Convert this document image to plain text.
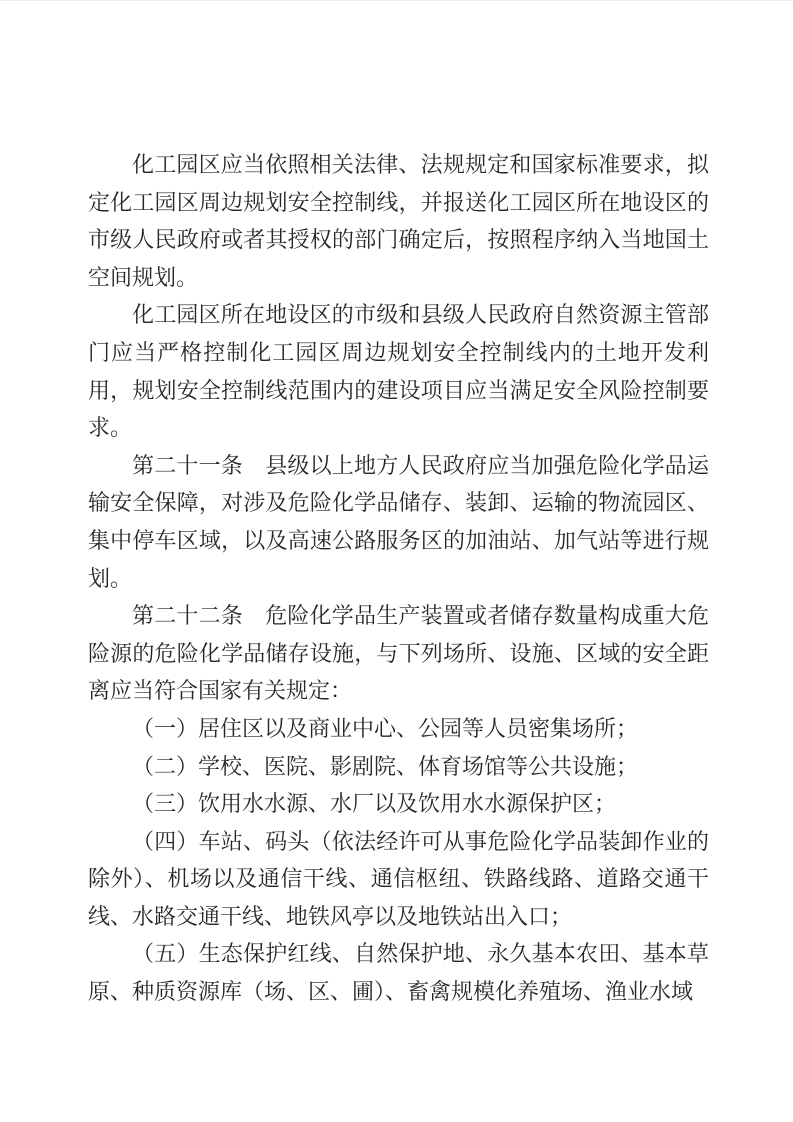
化工园区应当依照相关法律、法规规定和国家标准要求，拟定化工园区周边规划安全控制线，并报送化工园区所在地设区的市级人民政府或者其授权的部门确定后，按照程序纳入当地国土空间规划。

化工园区所在地设区的市级和县级人民政府自然资源主管部门应当严格控制化工园区周边规划安全控制线内的土地开发利用，规划安全控制线范围内的建设项目应当满足安全风险控制要求。

第二十一条　县级以上地方人民政府应当加强危险化学品运输安全保障，对涉及危险化学品储存、装卸、运输的物流园区、集中停车区域，以及高速公路服务区的加油站、加气站等进行规划。

第二十二条　危险化学品生产装置或者储存数量构成重大危险源的危险化学品储存设施，与下列场所、设施、区域的安全距离应当符合国家有关规定：

（一）居住区以及商业中心、公园等人员密集场所；

（二）学校、医院、影剧院、体育场馆等公共设施；

（三）饮用水水源、水厂以及饮用水水源保护区；

（四）车站、码头（依法经许可从事危险化学品装卸作业的除外）、机场以及通信干线、通信枢纽、铁路线路、道路交通干线、水路交通干线、地铁风亭以及地铁站出入口；

（五）生态保护红线、自然保护地、永久基本农田、基本草原、种质资源库（场、区、圃）、畜禽规模化养殖场、渔业水域
